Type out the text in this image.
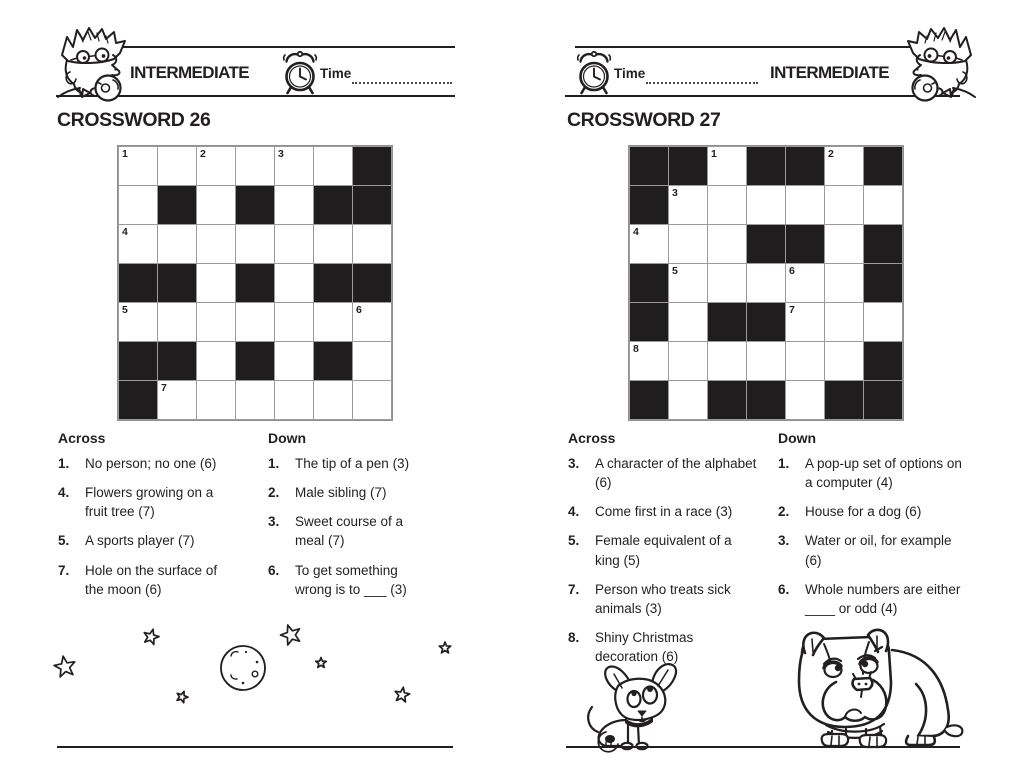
INTERMEDIATE	Time
CROSSWORD 26
1	2	3
4
5	6
7
Across
1.	No person; no one (6)
4.	Flowers growing on a fruit tree (7)
5.	A sports player (7)
7.	Hole on the surface of the moon (6)
Down
1.	The tip of a pen (3)
2.	Male sibling (7)
3.	Sweet course of a meal (7)
6.	To get something wrong is to ___ (3)
Time	INTERMEDIATE
CROSSWORD 27
1	2
3
4
5	6
7
8
Across
3.	A character of the alphabet (6)
4.	Come first in a race (3)
5.	Female equivalent of a king (5)
7.	Person who treats sick animals (3)
8.	Shiny Christmas decoration (6)
Down
1.	A pop-up set of options on a computer (4)
2.	House for a dog (6)
3.	Water or oil, for example (6)
6.	Whole numbers are either ____ or odd (4)
